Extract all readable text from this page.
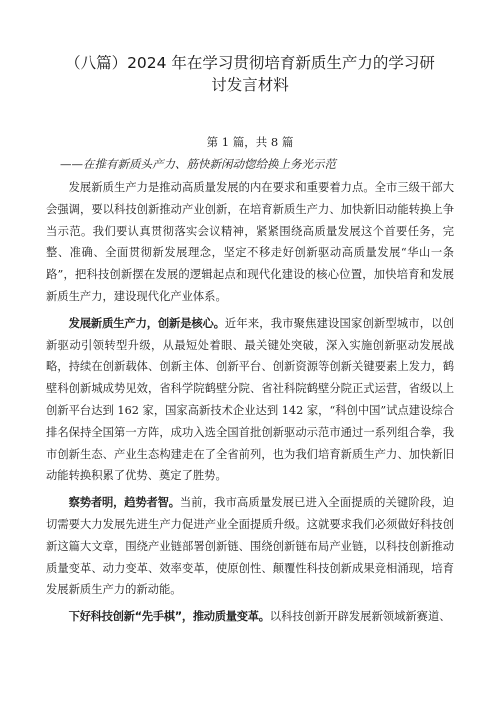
（八篇）2024 年在学习贯彻培育新质生产力的学习研
讨发言材料
第 1 篇，共 8 篇
——在推有新质头产力、筋快新闲动惚给换上务光示范

发展新质生产力是推动高质量发展的内在要求和重要着力点。全市三级干部大会强调，要以科技创新推动产业创新，在培育新质生产力、加快新旧动能转换上争当示范。我们要认真贯彻落实会议精神，紧紧围绕高质量发展这个首要任务，完整、准确、全面贯彻新发展理念，坚定不移走好创新驱动高质量发展“华山一条路”，把科技创新摆在发展的逻辑起点和现代化建设的核心位置，加快培育和发展新质生产力，建设现代化产业体系。

发展新质生产力，创新是核心。近年来，我市聚焦建设国家创新型城市，以创新驱动引领转型升级，从最短处着眼、最关键处突破，深入实施创新驱动发展战略，持续在创新载体、创新主体、创新平台、创新资源等创新关键要素上发力，鹤壁科创新城成势见效，省科学院鹤壁分院、省社科院鹤壁分院正式运营，省级以上创新平台达到 162 家，国家高新技术企业达到 142 家，“科创中国”试点建设综合排名保持全国第一方阵，成功入选全国首批创新驱动示范市通过一系列组合拳，我市创新生态、产业生态构建走在了全省前列，也为我们培育新质生产力、加快新旧动能转换积累了优势、奠定了胜势。

察势者明，趋势者智。当前，我市高质量发展已进入全面提质的关键阶段，迫切需要大力发展先进生产力促进产业全面提质升级。这就要求我们必须做好科技创新这篇大文章，围绕产业链部署创新链、围绕创新链布局产业链，以科技创新推动质量变革、动力变革、效率变革，使原创性、颠覆性科技创新成果竞相涌现，培育发展新质生产力的新动能。

下好科技创新“先手棋”，推动质量变革。以科技创新开辟发展新领域新赛道、
